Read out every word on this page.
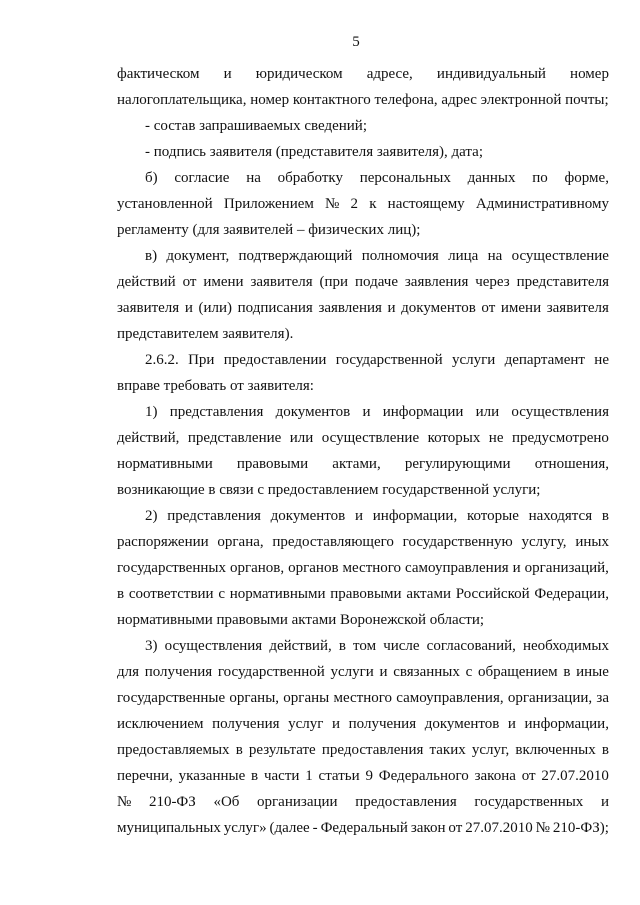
5
фактическом и юридическом адресе, индивидуальный номер
налогоплательщика, номер контактного телефона, адрес электронной почты;
- состав запрашиваемых сведений;
- подпись заявителя (представителя заявителя), дата;
б) согласие на обработку персональных данных по форме,
установленной Приложением № 2 к настоящему Административному
регламенту (для заявителей – физических лиц);
в) документ, подтверждающий полномочия лица на осуществление
действий от имени заявителя (при подаче заявления через представителя
заявителя и (или) подписания заявления и документов от имени заявителя
представителем заявителя).
2.6.2. При предоставлении государственной услуги департамент не
вправе требовать от заявителя:
1) представления документов и информации или осуществления
действий, представление или осуществление которых не предусмотрено
нормативными правовыми актами, регулирующими отношения,
возникающие в связи с предоставлением государственной услуги;
2) представления документов и информации, которые находятся в
распоряжении органа, предоставляющего государственную услугу, иных
государственных органов, органов местного самоуправления и организаций,
в соответствии с нормативными правовыми актами Российской Федерации,
нормативными правовыми актами Воронежской области;
3) осуществления действий, в том числе согласований, необходимых
для получения государственной услуги и связанных с обращением в иные
государственные органы, органы местного самоуправления, организации, за
исключением получения услуг и получения документов и информации,
предоставляемых в результате предоставления таких услуг, включенных в
перечни, указанные в части 1 статьи 9 Федерального закона от 27.07.2010
№ 210-ФЗ «Об организации предоставления государственных и
муниципальных услуг» (далее - Федеральный закон от 27.07.2010 № 210-ФЗ);
